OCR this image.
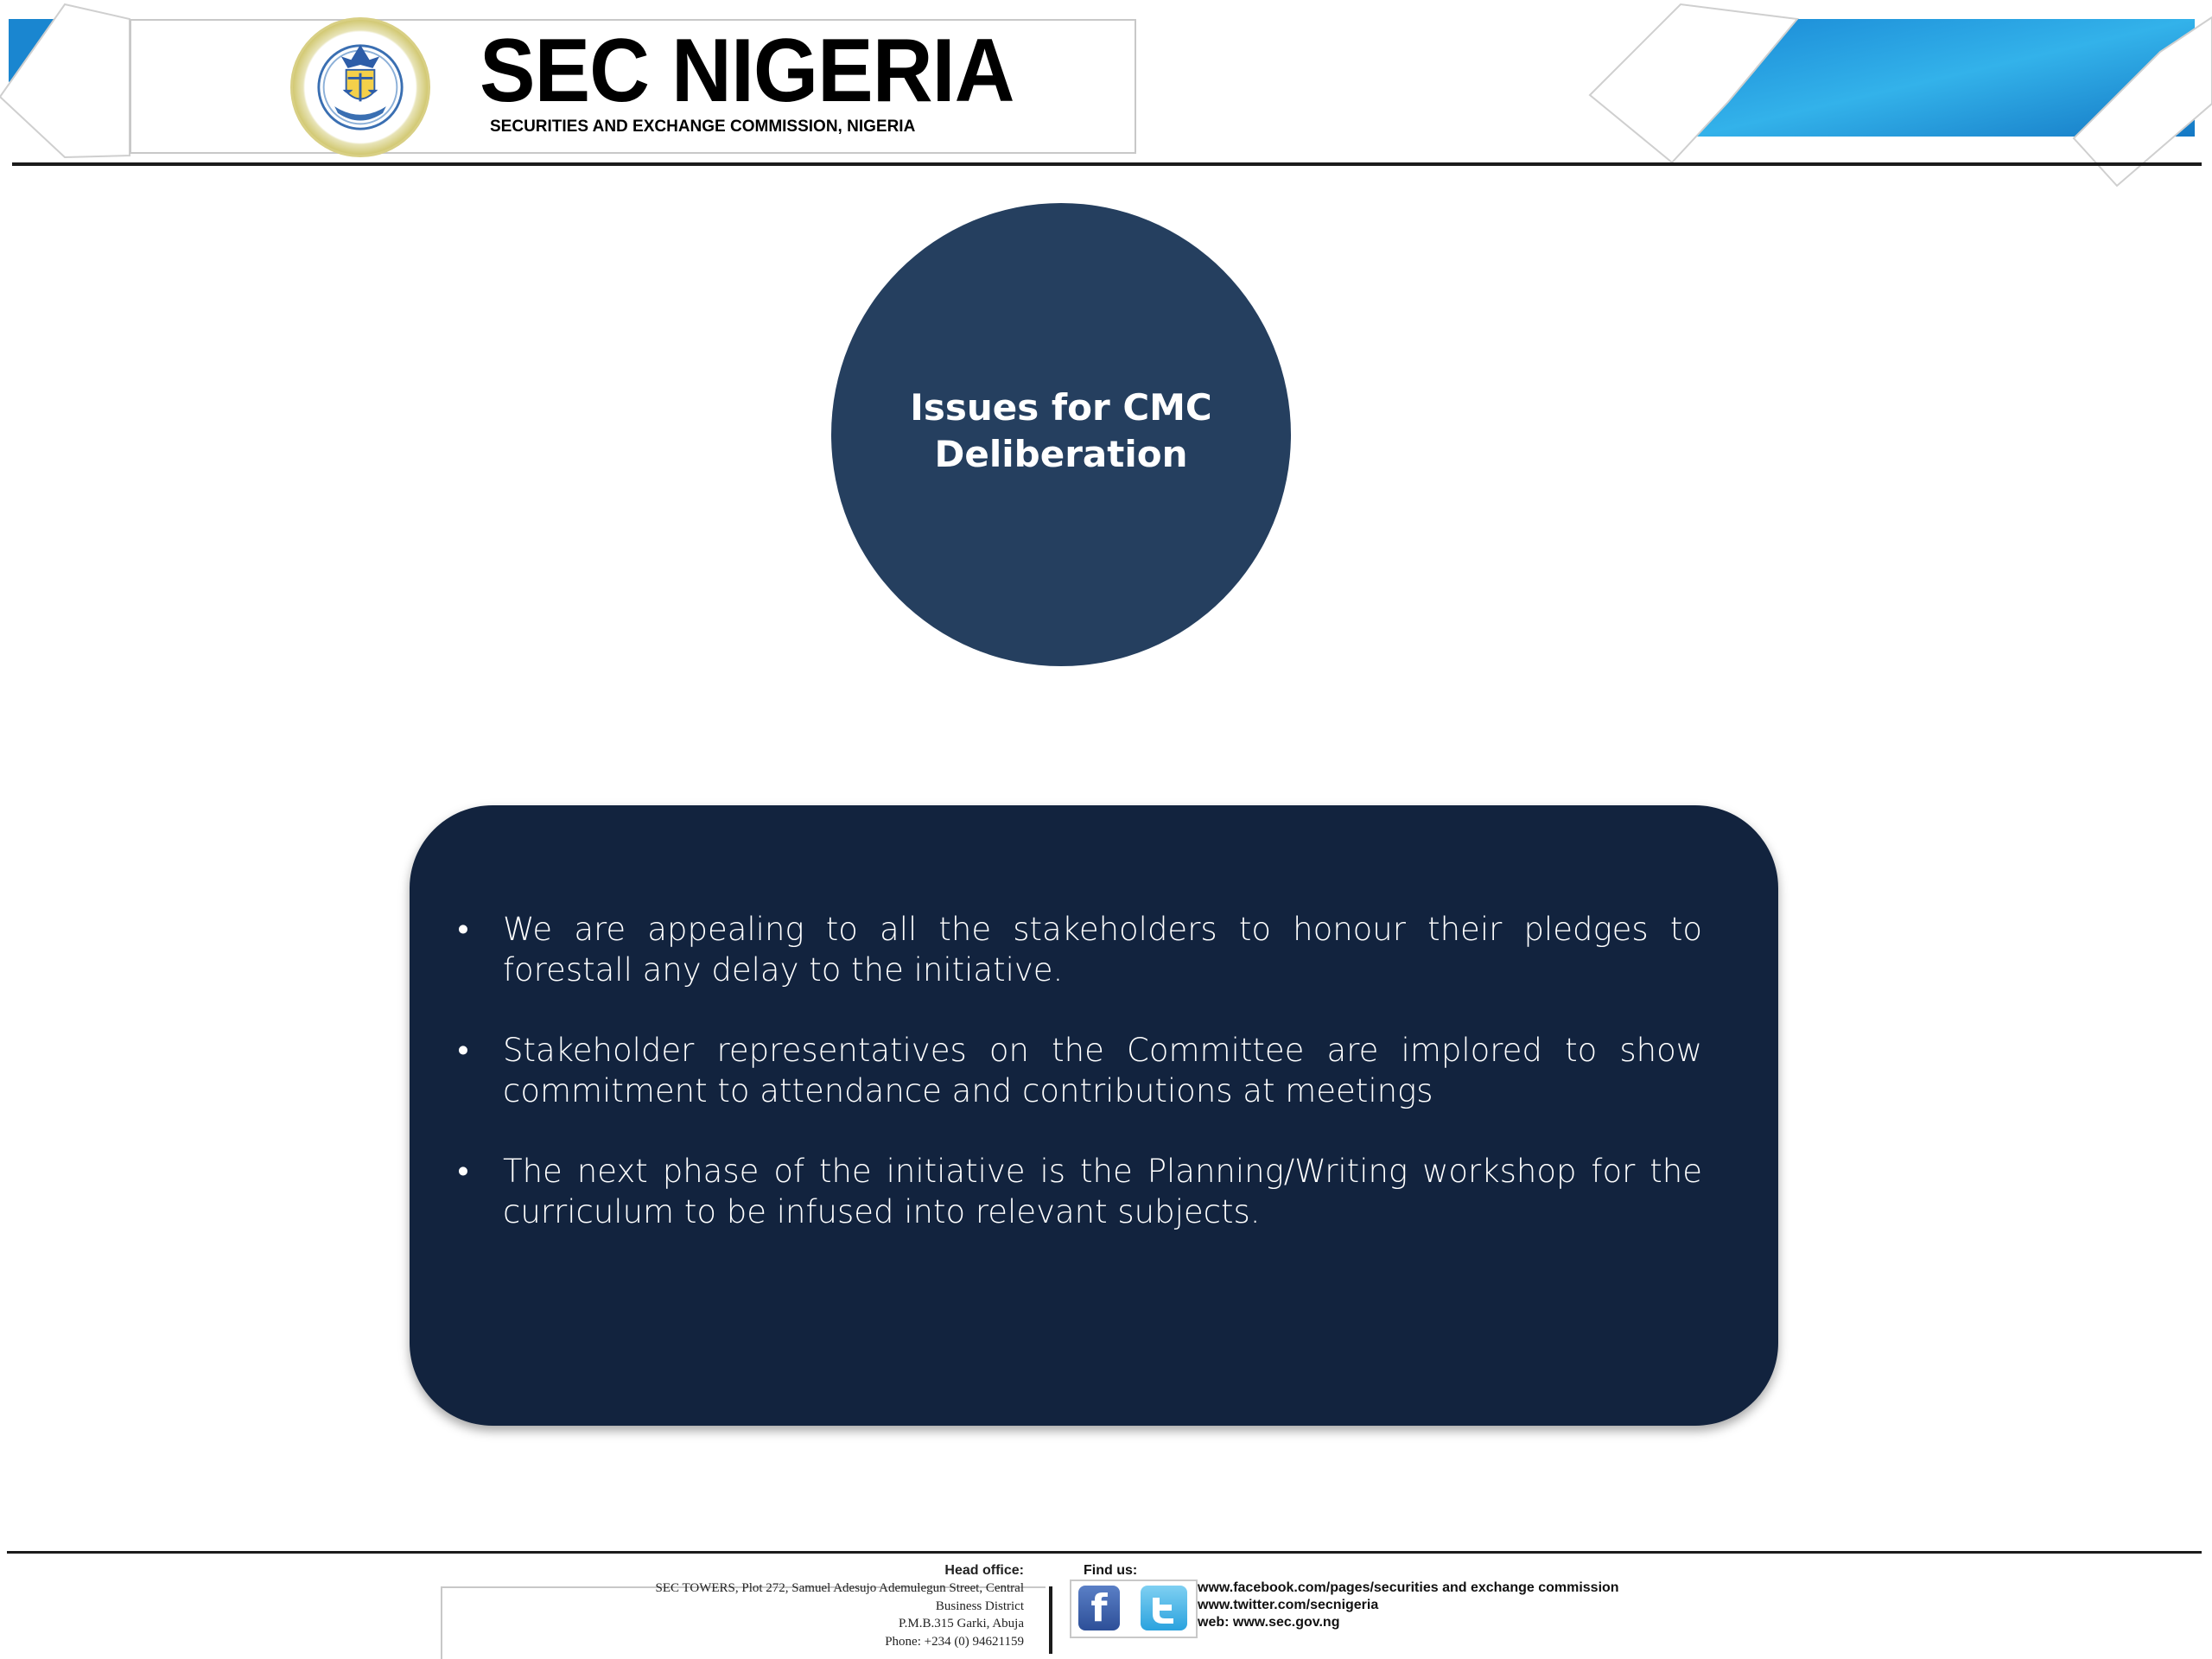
SEC NIGERIA
SECURITIES AND EXCHANGE COMMISSION, NIGERIA
Issues for CMC
Deliberation
• We are appealing to all the stakeholders to honour their pledges to forestall any delay to the initiative.
• Stakeholder representatives on the Committee are implored to show commitment to attendance and contributions at meetings
• The next phase of the initiative is the Planning/Writing workshop for the curriculum to be infused into relevant subjects.
Head office:
SEC TOWERS, Plot 272, Samuel Adesujo Ademulegun Street, Central
Business District
P.M.B.315 Garki, Abuja
Phone: +234 (0) 94621159
Find us:
f	www.facebook.com/pages/securities and exchange commission
www.twitter.com/secnigeria
web: www.sec.gov.ng
